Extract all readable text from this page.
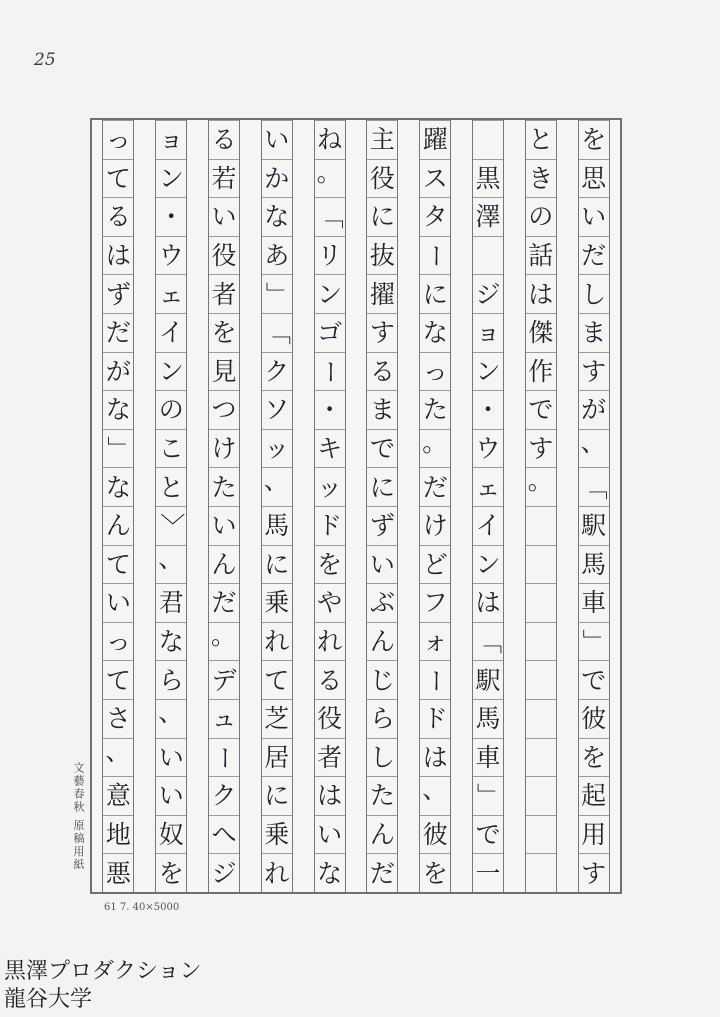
25
を
思
い
だ
し
ま
す
が
、
「
駅
馬
車
」
で
彼
を
起
用
す
と
き
の
話
は
傑
作
で
す
。
黒
澤
ジ
ョ
ン
・
ウ
ェ
イ
ン
は
「
駅
馬
車
」
で
一
躍
ス
タ
ー
に
な
っ
た
。
だ
け
ど
フ
ォ
ー
ド
は
、
彼
を
主
役
に
抜
擢
す
る
ま
で
に
ず
い
ぶ
ん
じ
ら
し
た
ん
だ
ね
。
「
リ
ン
ゴ
ー
・
キ
ッ
ド
を
や
れ
る
役
者
は
い
な
い
か
な
あ
」
「
ク
ソ
ッ
、
馬
に
乗
れ
て
芝
居
に
乗
れ
る
若
い
役
者
を
見
つ
け
た
い
ん
だ
。
デ
ュ
ー
ク
へ
ジ
ョ
ン
・
ウ
ェ
イ
ン
の
こ
と
〉
、
君
な
ら
、
い
い
奴
を
っ
て
る
は
ず
だ
が
な
」
な
ん
て
い
っ
て
さ
、
意
地
悪
文藝春秋 原稿用紙
61 7. 40×5000
黒澤プロダクション
龍谷大学
